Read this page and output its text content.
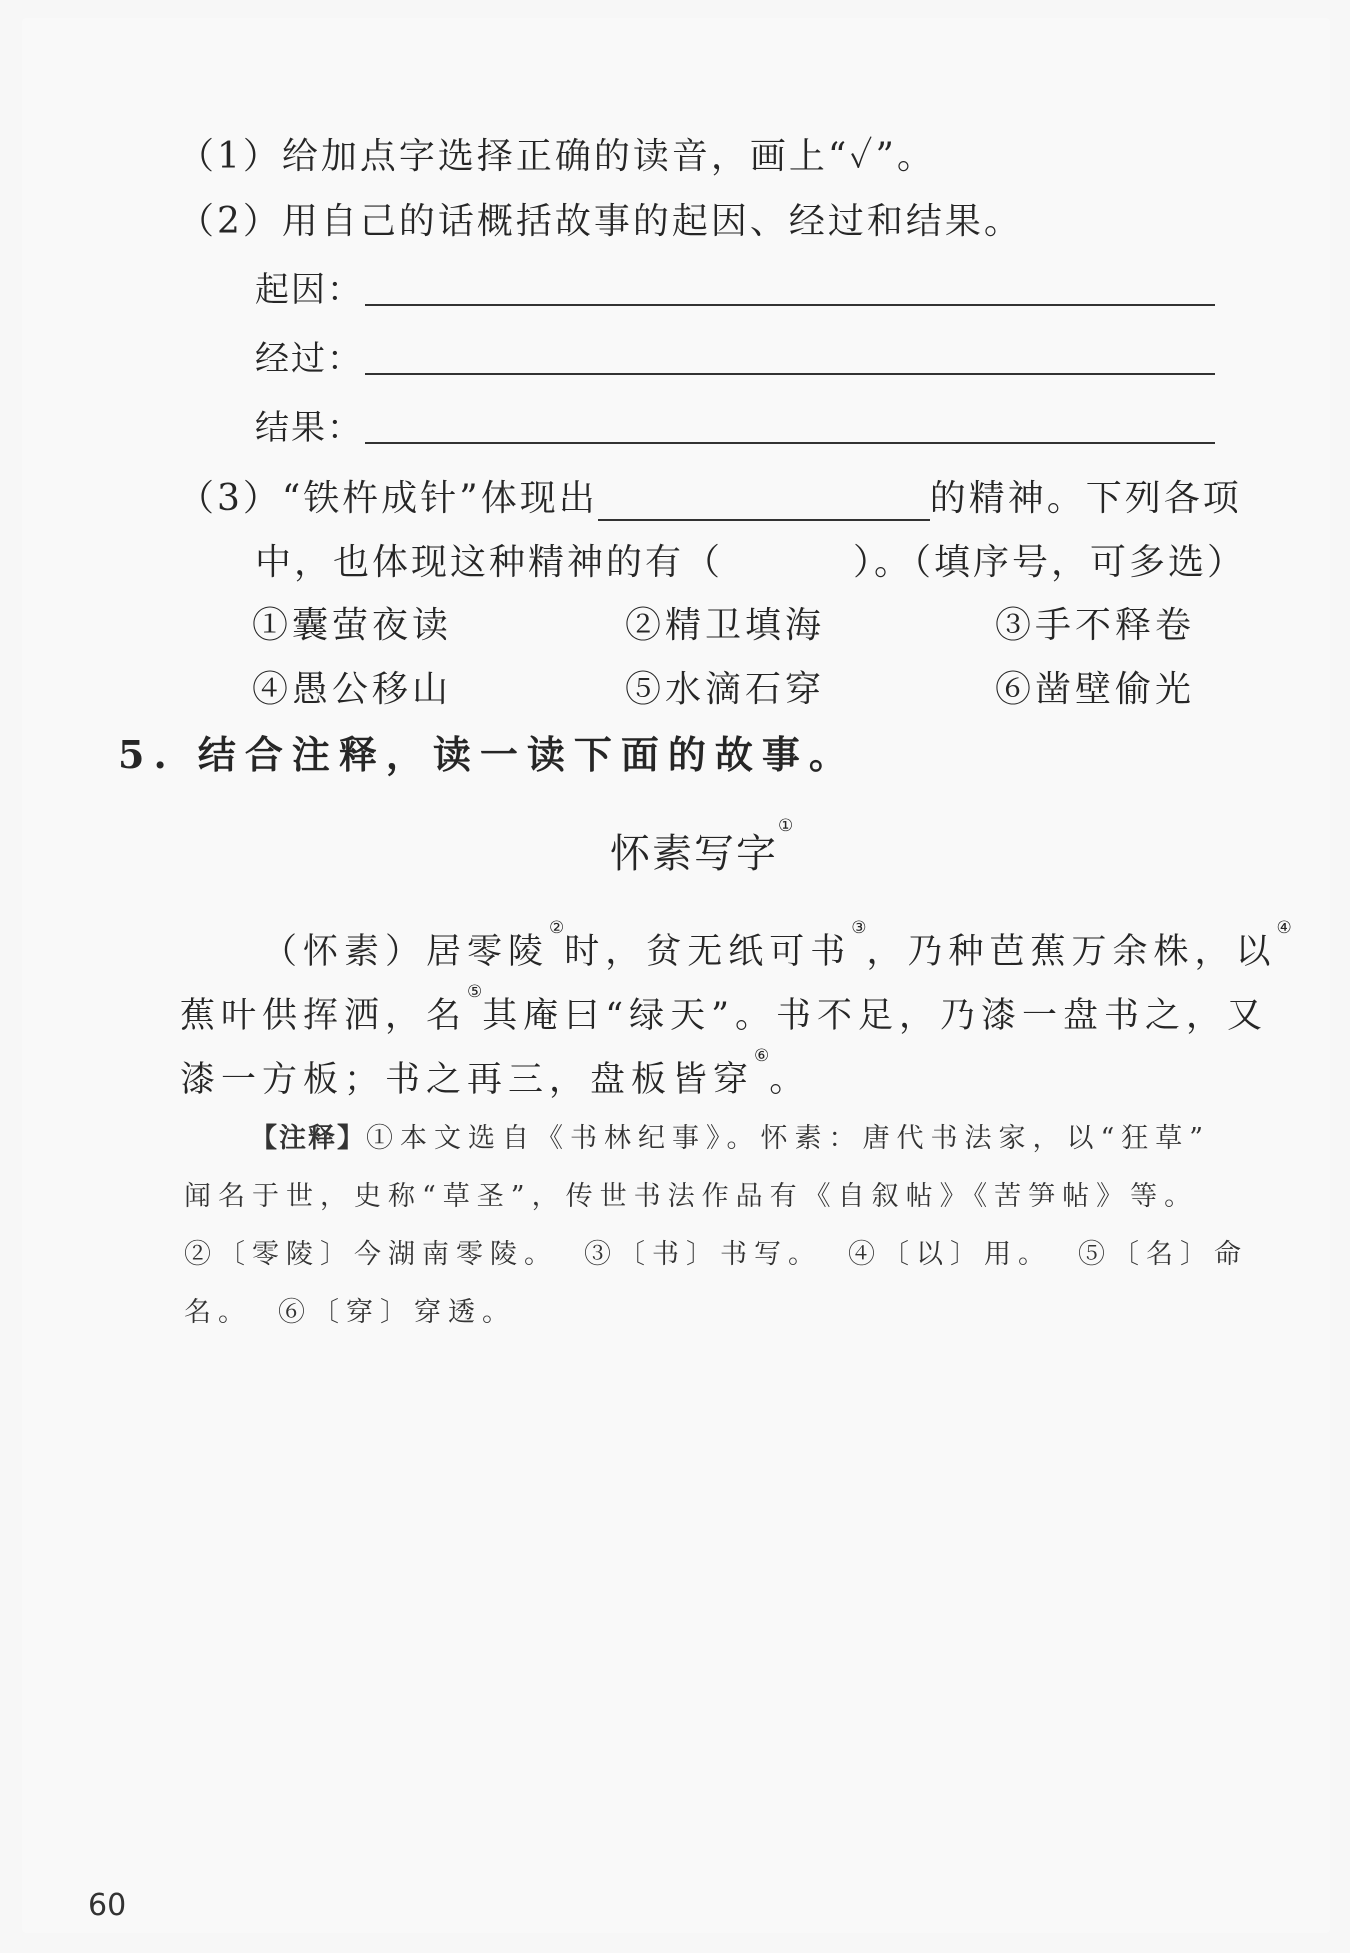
（1）给加点字选择正确的读音，画上“✓”。
（2）用自己的话概括故事的起因、经过和结果。
起因：
经过：
结果：
（3）“铁杵成针”体现出	的精神。下列各项
中，也体现这种精神的有（	）。（填序号，可多选）
①囊萤夜读	②精卫填海	③手不释卷
④愚公移山	⑤水滴石穿	⑥凿壁偷光
5. 结合注释，读一读下面的故事。
怀素写字①
（怀素）居零陵②时，贫无纸可书③，乃种芭蕉万余株，以④
蕉叶供挥洒，名⑤其庵曰“绿天”。书不足，乃漆一盘书之，又
漆一方板；书之再三，盘板皆穿⑥。
【注释】①本文选自《书林纪事》。怀素：唐代书法家，以“狂草”
闻名于世，史称“草圣”，传世书法作品有《自叙帖》《苦笋帖》等。
②〔零陵〕今湖南零陵。 ③〔书〕书写。 ④〔以〕用。 ⑤〔名〕命
名。 ⑥〔穿〕穿透。
60
